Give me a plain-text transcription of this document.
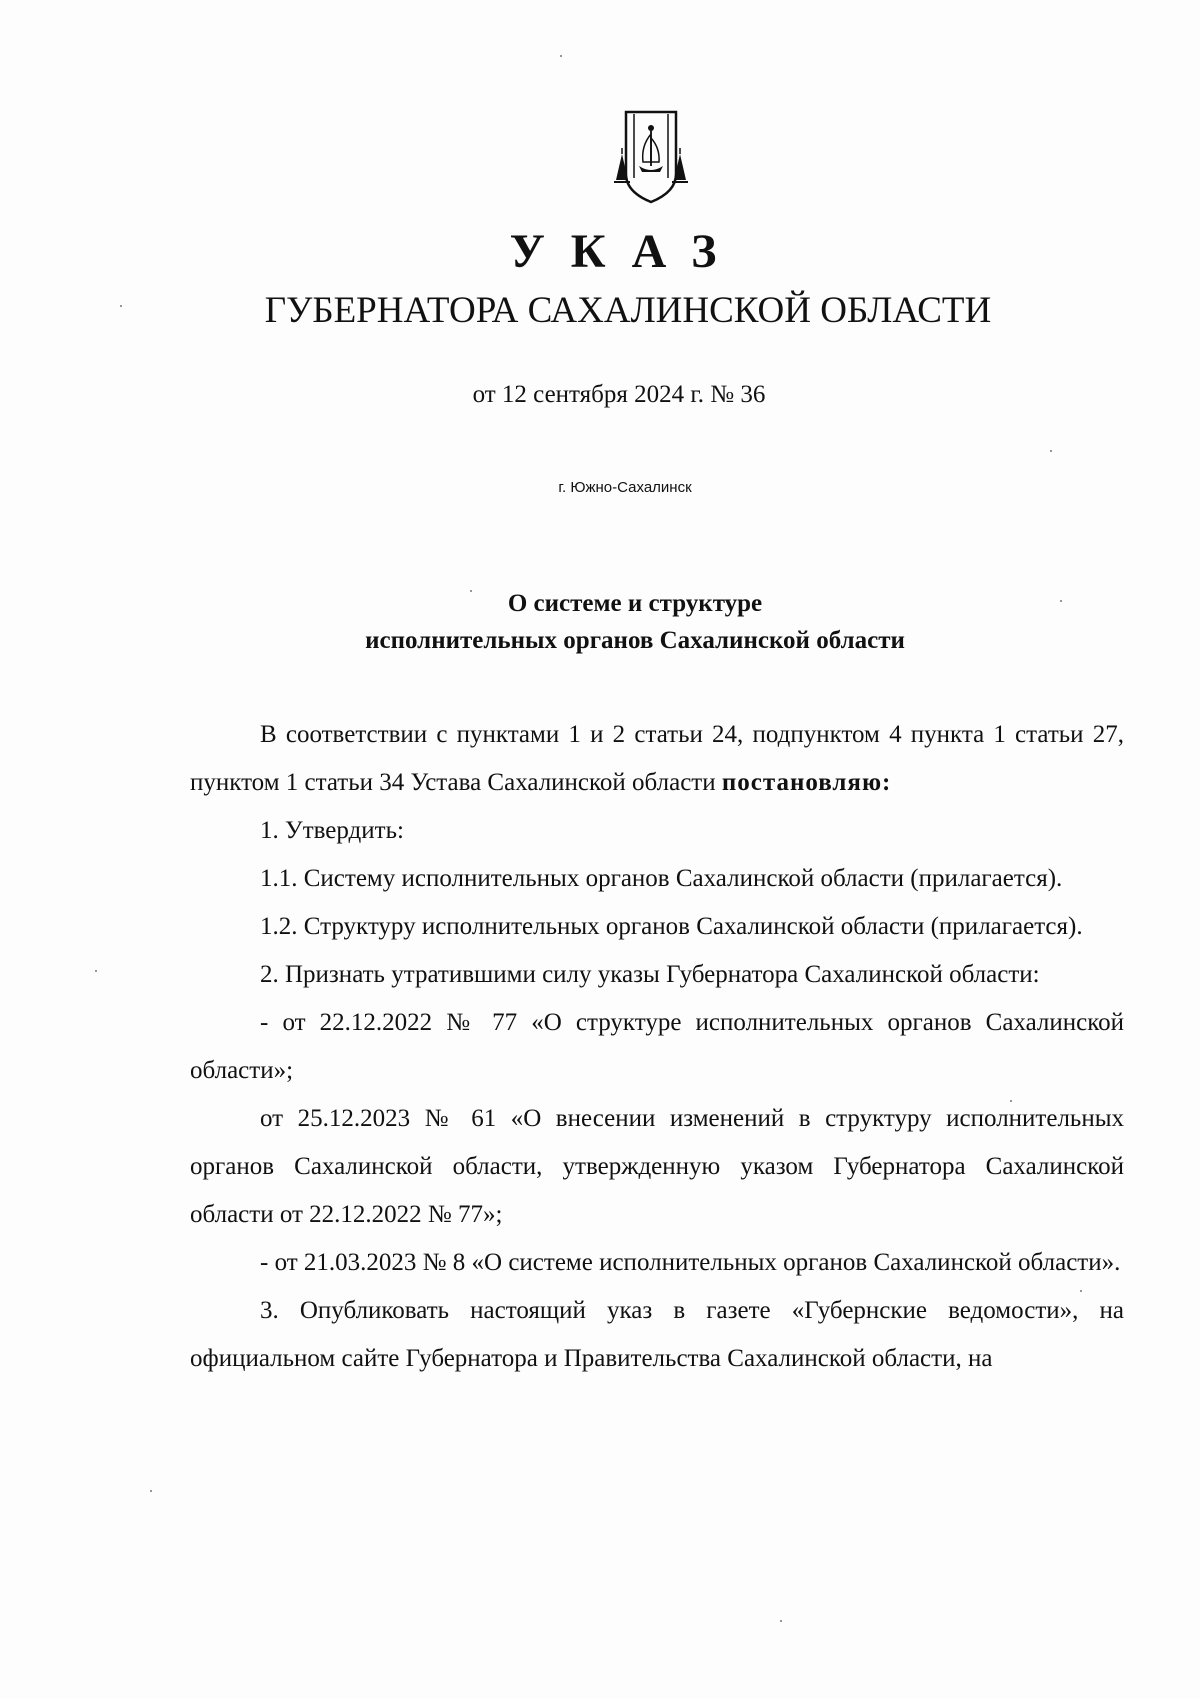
УКАЗ
ГУБЕРНАТОРА САХАЛИНСКОЙ ОБЛАСТИ
от 12 сентября 2024 г. № 36
г. Южно-Сахалинск
О системе и структуре
исполнительных органов Сахалинской области

В соответствии с пунктами 1 и 2 статьи 24, подпунктом 4 пункта 1 статьи 27, пунктом 1 статьи 34 Устава Сахалинской области постановляю:

1. Утвердить:

1.1. Систему исполнительных органов Сахалинской области (прилагается).

1.2. Структуру исполнительных органов Сахалинской области (прилагается).

2. Признать утратившими силу указы Губернатора Сахалинской области:

- от 22.12.2022 № 77 «О структуре исполнительных органов Сахалинской области»;

от 25.12.2023 № 61 «О внесении изменений в структуру исполнительных органов Сахалинской области, утвержденную указом Губернатора Сахалинской области от 22.12.2022 № 77»;

- от 21.03.2023 № 8 «О системе исполнительных органов Сахалинской области».

3. Опубликовать настоящий указ в газете «Губернские ведомости», на официальном сайте Губернатора и Правительства Сахалинской области, на
